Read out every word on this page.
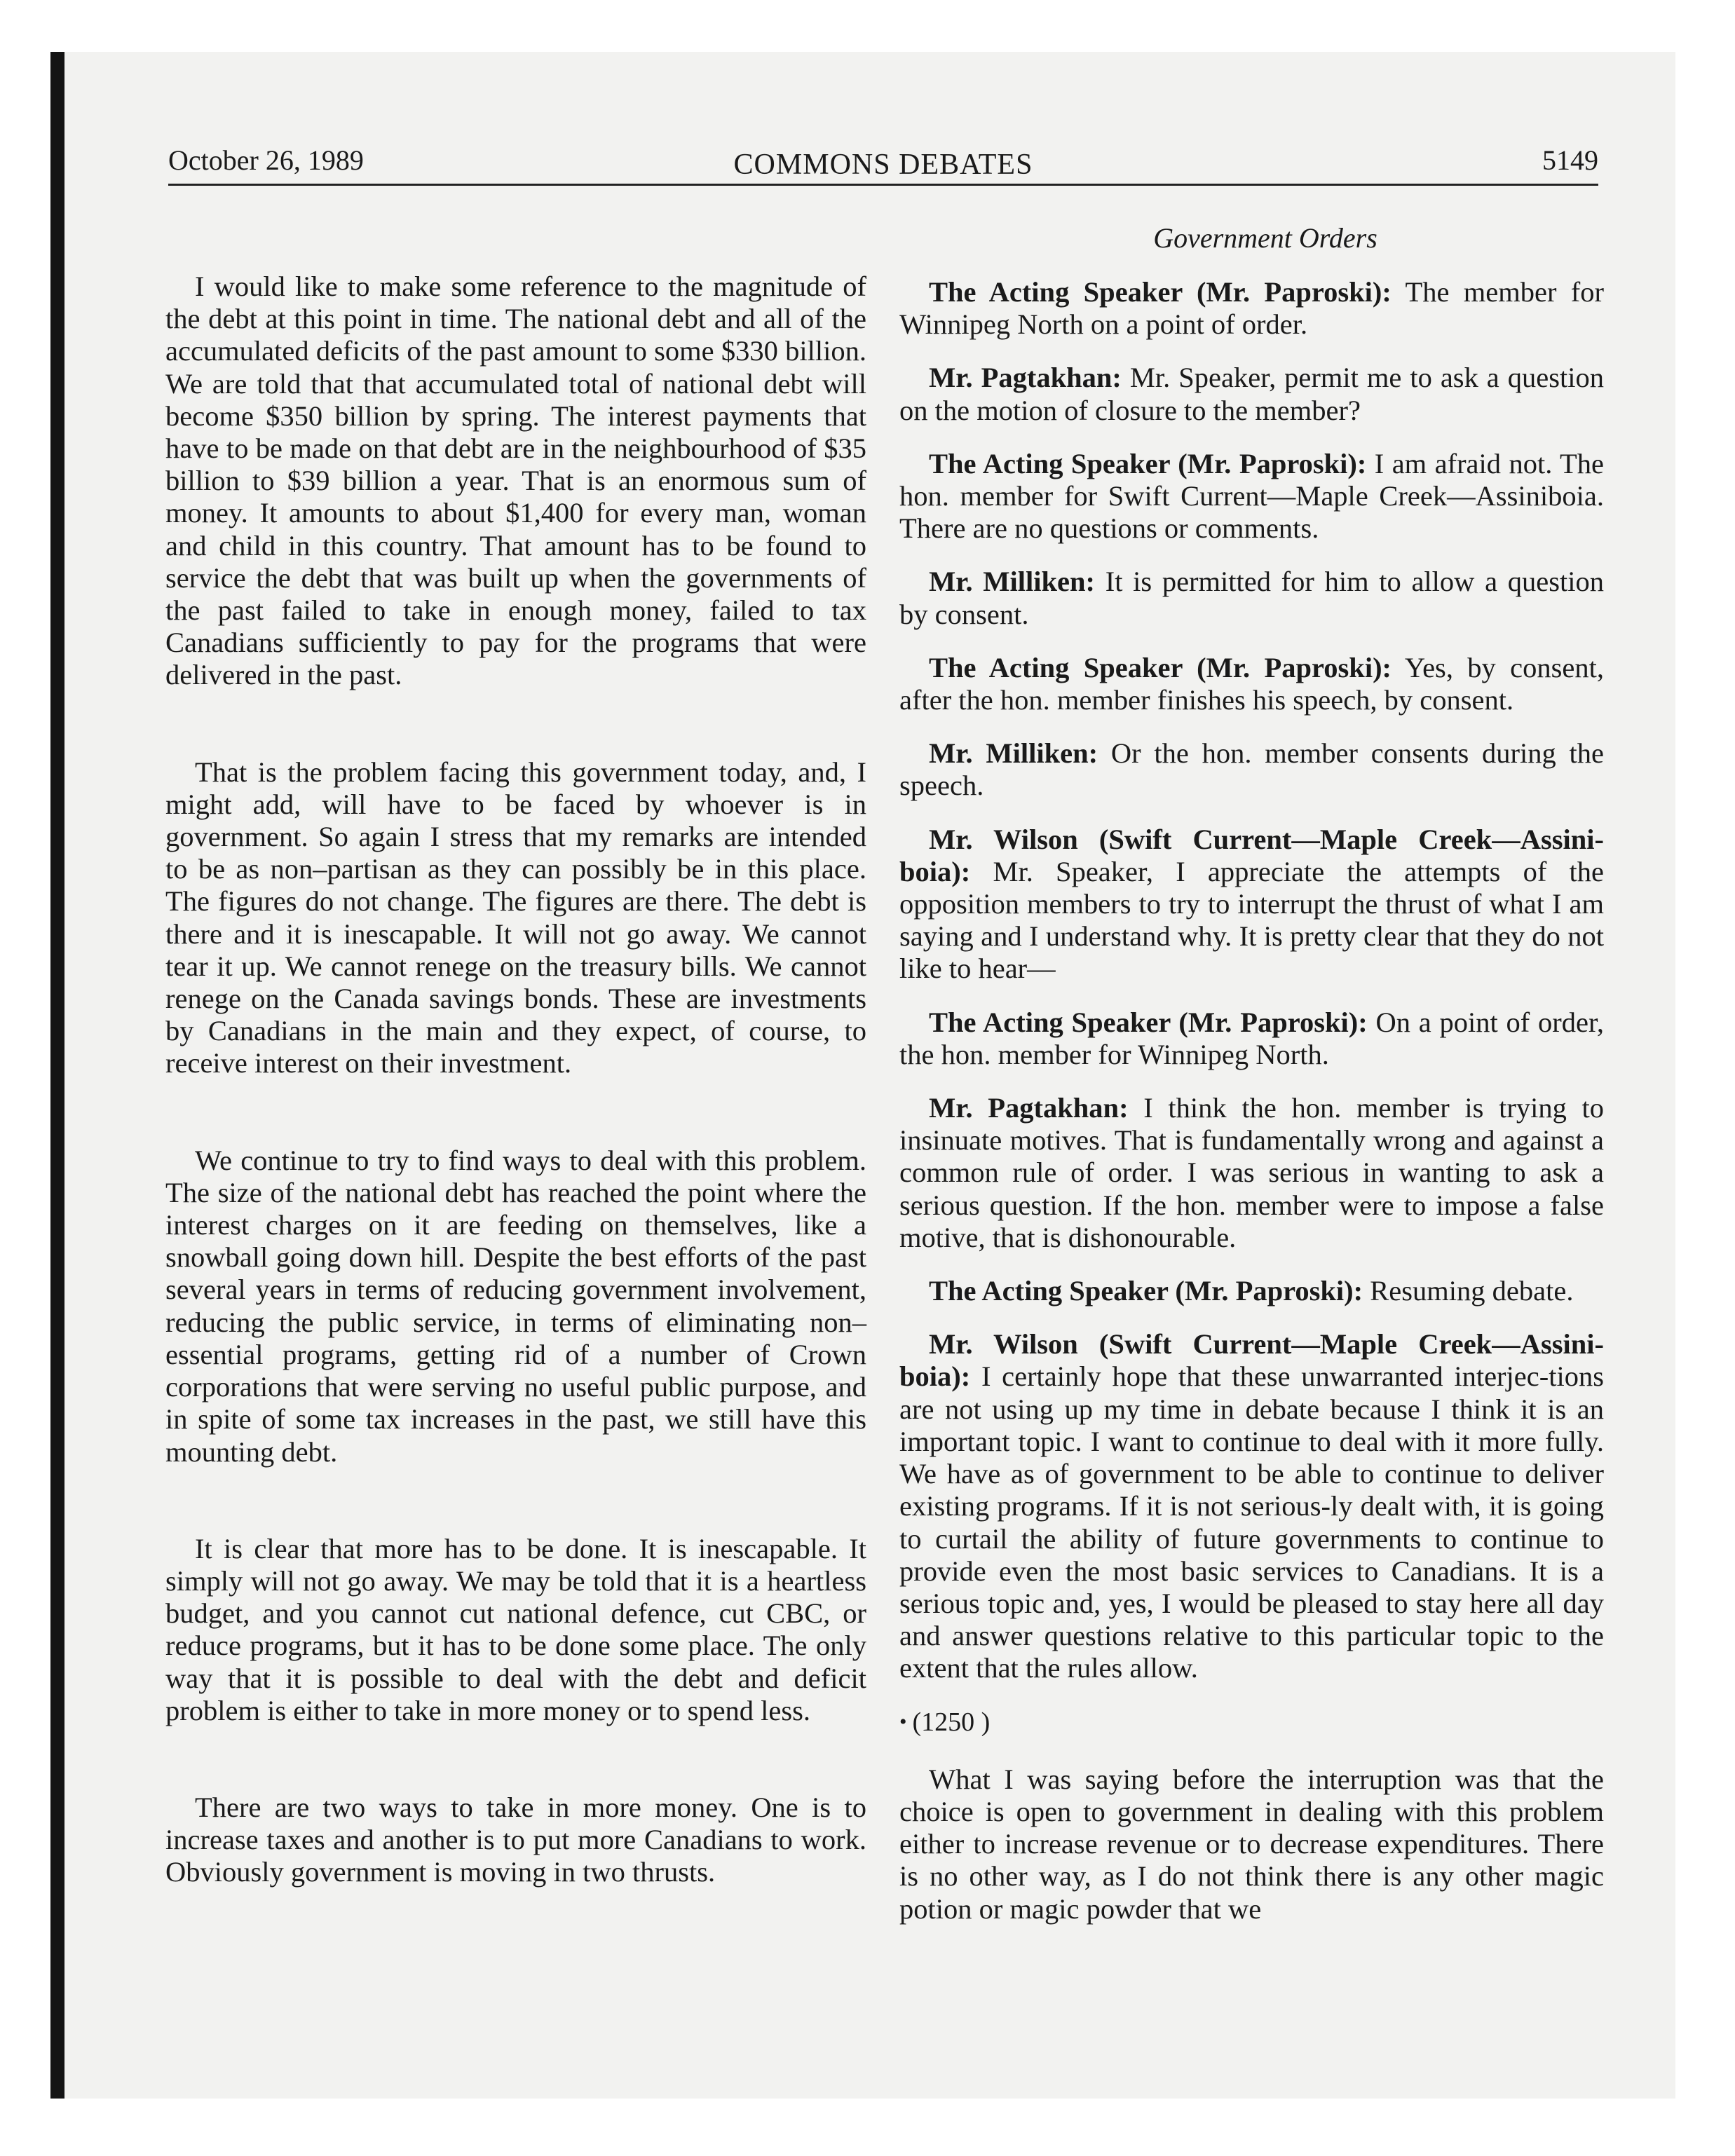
October 26, 1989	COMMONS DEBATES	5149
Government Orders

I would like to make some reference to the magnitude of the debt at this point in time. The national debt and all of the accumulated deficits of the past amount to some $330 billion. We are told that that accumulated total of national debt will become $350 billion by spring. The interest payments that have to be made on that debt are in the neighbourhood of $35 billion to $39 billion a year. That is an enormous sum of money. It amounts to about $1,400 for every man, woman and child in this country. That amount has to be found to service the debt that was built up when the governments of the past failed to take in enough money, failed to tax Canadians sufficiently to pay for the programs that were delivered in the past.

That is the problem facing this government today, and, I might add, will have to be faced by whoever is in government. So again I stress that my remarks are intended to be as non–partisan as they can possibly be in this place. The figures do not change. The figures are there. The debt is there and it is inescapable. It will not go away. We cannot tear it up. We cannot renege on the treasury bills. We cannot renege on the Canada savings bonds. These are investments by Canadians in the main and they expect, of course, to receive interest on their investment.

We continue to try to find ways to deal with this problem. The size of the national debt has reached the point where the interest charges on it are feeding on themselves, like a snowball going down hill. Despite the best efforts of the past several years in terms of reducing government involvement, reducing the public service, in terms of eliminating non–essential programs, getting rid of a number of Crown corporations that were serving no useful public purpose, and in spite of some tax increases in the past, we still have this mounting debt.

It is clear that more has to be done. It is inescapable. It simply will not go away. We may be told that it is a heartless budget, and you cannot cut national defence, cut CBC, or reduce programs, but it has to be done some place. The only way that it is possible to deal with the debt and deficit problem is either to take in more money or to spend less.

There are two ways to take in more money. One is to increase taxes and another is to put more Canadians to work. Obviously government is moving in two thrusts.

The Acting Speaker (Mr. Paproski): The member for Winnipeg North on a point of order.

Mr. Pagtakhan: Mr. Speaker, permit me to ask a question on the motion of closure to the member?

The Acting Speaker (Mr. Paproski): I am afraid not. The hon. member for Swift Current—Maple Creek—Assiniboia. There are no questions or comments.

Mr. Milliken: It is permitted for him to allow a question by consent.

The Acting Speaker (Mr. Paproski): Yes, by consent, after the hon. member finishes his speech, by consent.

Mr. Milliken: Or the hon. member consents during the speech.

Mr. Wilson (Swift Current—Maple Creek—Assini-boia): Mr. Speaker, I appreciate the attempts of the opposition members to try to interrupt the thrust of what I am saying and I understand why. It is pretty clear that they do not like to hear—

The Acting Speaker (Mr. Paproski): On a point of order, the hon. member for Winnipeg North.

Mr. Pagtakhan: I think the hon. member is trying to insinuate motives. That is fundamentally wrong and against a common rule of order. I was serious in wanting to ask a serious question. If the hon. member were to impose a false motive, that is dishonourable.

The Acting Speaker (Mr. Paproski): Resuming debate.

Mr. Wilson (Swift Current—Maple Creek—Assini-boia): I certainly hope that these unwarranted interjec-tions are not using up my time in debate because I think it is an important topic. I want to continue to deal with it more fully. We have as of government to be able to continue to deliver existing programs. If it is not serious-ly dealt with, it is going to curtail the ability of future governments to continue to provide even the most basic services to Canadians. It is a serious topic and, yes, I would be pleased to stay here all day and answer questions relative to this particular topic to the extent that the rules allow.

• (1250 )

What I was saying before the interruption was that the choice is open to government in dealing with this problem either to increase revenue or to decrease expenditures. There is no other way, as I do not think there is any other magic potion or magic powder that we
